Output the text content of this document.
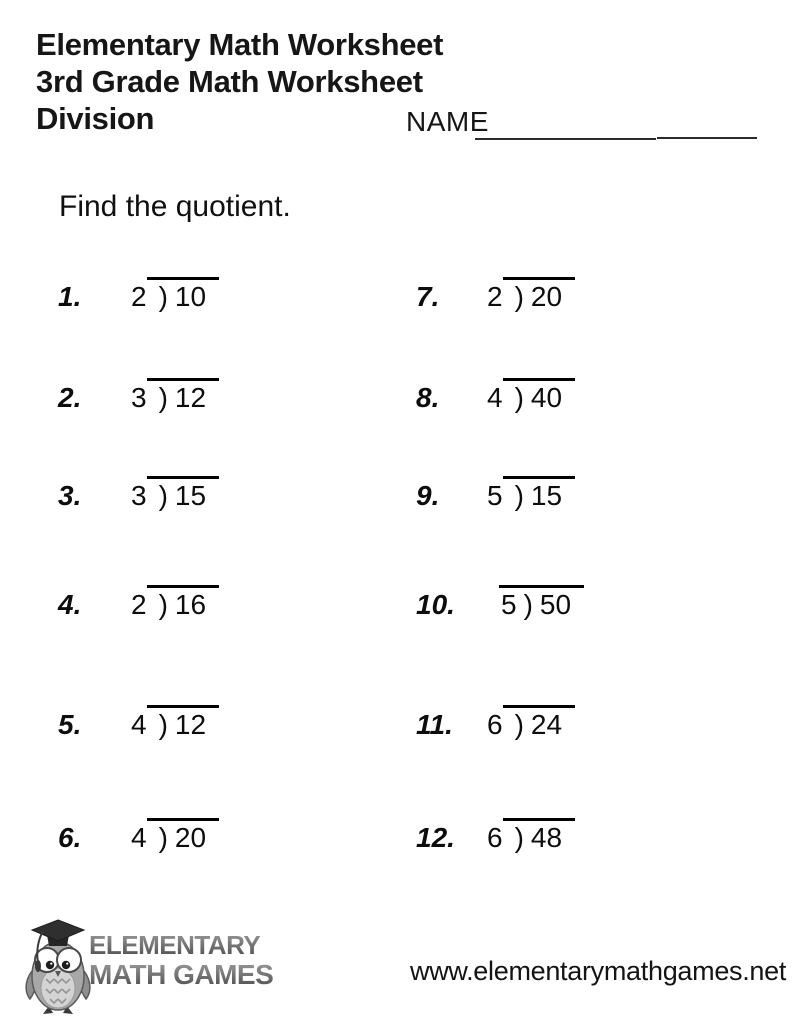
Elementary Math Worksheet
3rd Grade Math Worksheet
Division	NAME
Find the quotient.
1. 2 ) 10
2. 3 ) 12
3. 3 ) 15
4. 2 ) 16
5. 4 ) 12
6. 4 ) 20
7. 2 ) 20
8. 4 ) 40
9. 5 ) 15
10. 5 ) 50
11. 6 ) 24
12. 6 ) 48
ELEMENTARY
MATH GAMES	www.elementarymathgames.net
